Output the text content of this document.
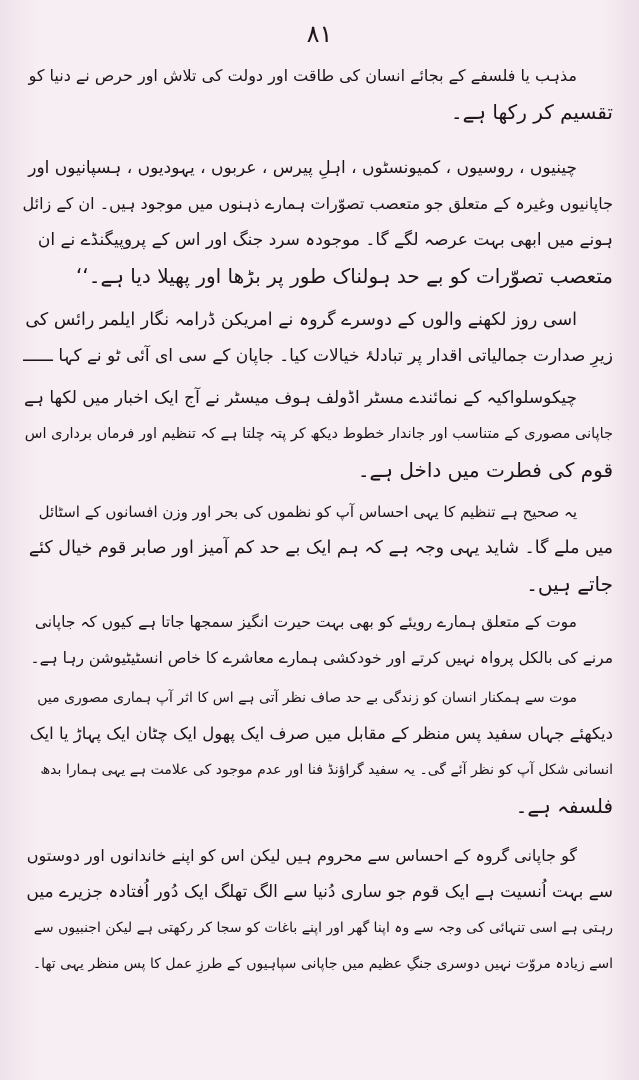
٨١
مذہب یا فلسفے کے بجائے انسان کی طاقت اور دولت کی تلاش اور حرص نے دنیا کو
تقسیم کر رکھا ہے۔
چینیوں ، روسیوں ، کمیونسٹوں ، اہلِ پیرس ، عربوں ، یہودیوں ، ہسپانیوں اور
جاپانیوں وغیرہ کے متعلق جو متعصب تصوّرات ہمارے ذہنوں میں موجود ہیں۔ ان کے زائل
ہونے میں ابھی بہت عرصہ لگے گا۔ موجودہ سرد جنگ اور اس کے پروپیگنڈے نے ان
متعصب تصوّرات کو بے حد ہولناک طور پر بڑھا اور پھیلا دیا ہے۔‘‘
اسی روز لکھنے والوں کے دوسرے گروہ نے امریکن ڈرامہ نگار ایلمر رائس کی
زیرِ صدارت جمالیاتی اقدار پر تبادلۂ خیالات کیا۔ جاپان کے سی ای آئی ٹو نے کہا ــــــ
چیکوسلواکیہ کے نمائندے مسٹر اڈولف ہوف میسٹر نے آج ایک اخبار میں لکھا ہے
جاپانی مصوری کے متناسب اور جاندار خطوط دیکھ کر پتہ چلتا ہے کہ تنظیم اور فرماں برداری اس
قوم کی فطرت میں داخل ہے۔
یہ صحیح ہے تنظیم کا یہی احساس آپ کو نظموں کی بحر اور وزن افسانوں کے اسٹائل
میں ملے گا۔ شاید یہی وجہ ہے کہ ہم ایک بے حد کم آمیز اور صابر قوم خیال کئے
جاتے ہیں۔
موت کے متعلق ہمارے رویئے کو بھی بہت حیرت انگیز سمجھا جاتا ہے کیوں کہ جاپانی
مرنے کی بالکل پرواہ نہیں کرتے اور خودکشی ہمارے معاشرے کا خاص انسٹیٹیوشن رہا ہے۔
موت سے ہمکنار انسان کو زندگی بے حد صاف نظر آتی ہے اس کا اثر آپ ہماری مصوری میں
دیکھئے جہاں سفید پس منظر کے مقابل میں صرف ایک پھول ایک چٹان ایک پہاڑ یا ایک
انسانی شکل آپ کو نظر آئے گی۔ یہ سفید گراؤنڈ فنا اور عدم موجود کی علامت ہے یہی ہمارا بدھ
فلسفہ ہے۔
گو جاپانی گروہ کے احساس سے محروم ہیں لیکن اس کو اپنے خاندانوں اور دوستوں
سے بہت اُنسیت ہے ایک قوم جو ساری دُنیا سے الگ تھلگ ایک دُور اُفتادہ جزیرے میں
رہتی ہے اسی تنہائی کی وجہ سے وہ اپنا گھر اور اپنے باغات کو سجا کر رکھتی ہے لیکن اجنبیوں سے
اسے زیادہ مروّت نہیں دوسری جنگِ عظیم میں جاپانی سپاہیوں کے طرزِ عمل کا پس منظر یہی تھا۔
